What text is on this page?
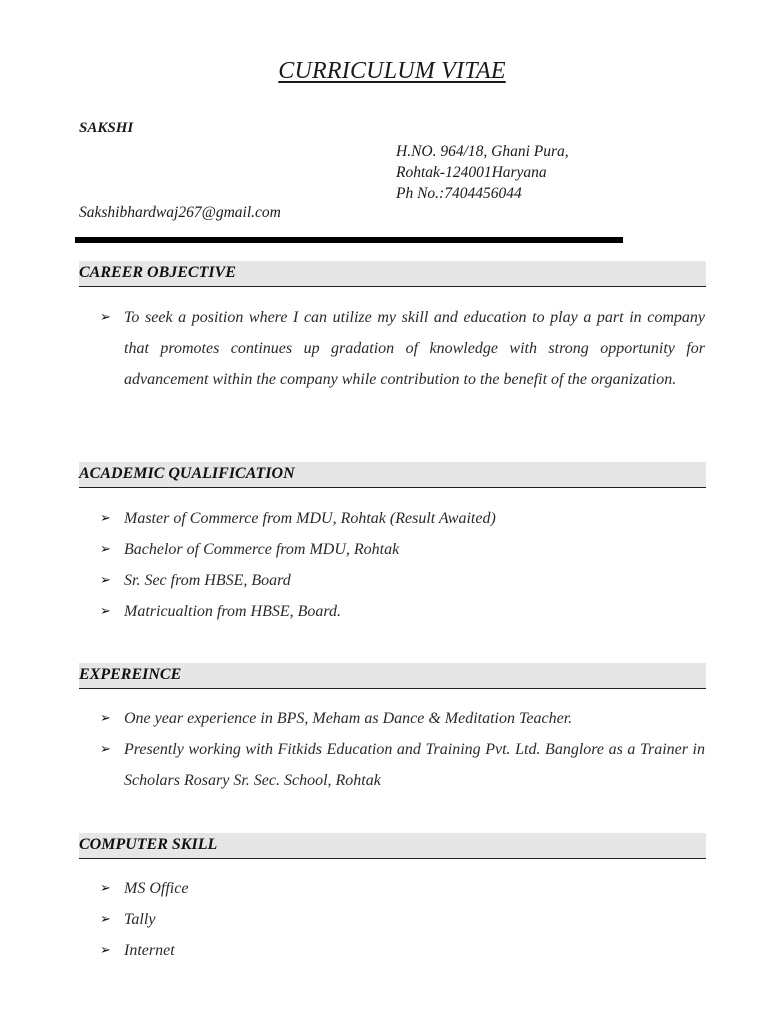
CURRICULUM VITAE
SAKSHI
H.NO. 964/18, Ghani Pura,
Rohtak-124001Haryana
Ph No.:7404456044
Sakshibhardwaj267@gmail.com
CAREER OBJECTIVE
➢ To seek a position where I can utilize my skill and education to play a part in company that promotes continues up gradation of knowledge with strong opportunity for advancement within the company while contribution to the benefit of the organization.
ACADEMIC QUALIFICATION
➢ Master of Commerce from MDU, Rohtak (Result Awaited)
➢ Bachelor of Commerce from MDU, Rohtak
➢ Sr. Sec from HBSE, Board
➢ Matricualtion from HBSE, Board.
EXPEREINCE
➢ One year experience in BPS, Meham as Dance & Meditation Teacher.
➢ Presently working with Fitkids Education and Training Pvt. Ltd. Banglore as a Trainer in Scholars Rosary Sr. Sec. School, Rohtak
COMPUTER SKILL
➢ MS Office
➢ Tally
➢ Internet
